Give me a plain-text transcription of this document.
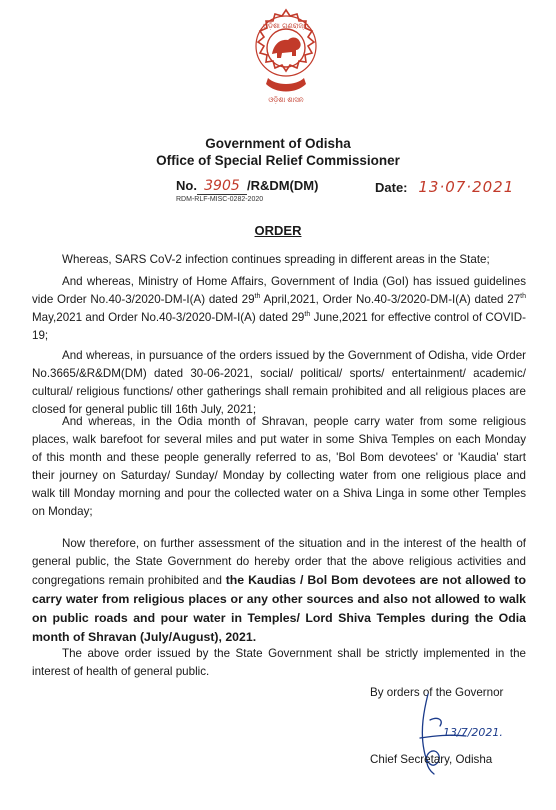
ଓଡ଼ିଶା ଗଣରାଜ୍ୟ
ଓଡ଼ିଶା ଶାସନ
Government of Odisha
Office of Special Relief Commissioner
No. 3905 /R&DM(DM)	Date: 13·07·2021
RDM-RLF-MISC-0282-2020
ORDER
Whereas, SARS CoV-2 infection continues spreading in different areas in the State;
And whereas, Ministry of Home Affairs, Government of India (GoI) has issued guidelines vide Order No.40-3/2020-DM-I(A) dated 29th April,2021, Order No.40-3/2020-DM-I(A) dated 27th May,2021 and Order No.40-3/2020-DM-I(A) dated 29th June,2021 for effective control of COVID-19;
And whereas, in pursuance of the orders issued by the Government of Odisha, vide Order No.3665/&R&DM(DM) dated 30-06-2021, social/ political/ sports/ entertainment/ academic/ cultural/ religious functions/ other gatherings shall remain prohibited and all religious places are closed for general public till 16th July, 2021;
And whereas, in the Odia month of Shravan, people carry water from some religious places, walk barefoot for several miles and put water in some Shiva Temples on each Monday of this month and these people generally referred to as, 'Bol Bom devotees' or 'Kaudia' start their journey on Saturday/ Sunday/ Monday by collecting water from one religious place and walk till Monday morning and pour the collected water on a Shiva Linga in some other Temples on Monday;
Now therefore, on further assessment of the situation and in the interest of the health of general public, the State Government do hereby order that the above religious activities and congregations remain prohibited and the Kaudias / Bol Bom devotees are not allowed to carry water from religious places or any other sources and also not allowed to walk on public roads and pour water in Temples/ Lord Shiva Temples during the Odia month of Shravan (July/August), 2021.
The above order issued by the State Government shall be strictly implemented in the interest of health of general public.
By orders of the Governor
13/7/2021.
Chief Secretary, Odisha
